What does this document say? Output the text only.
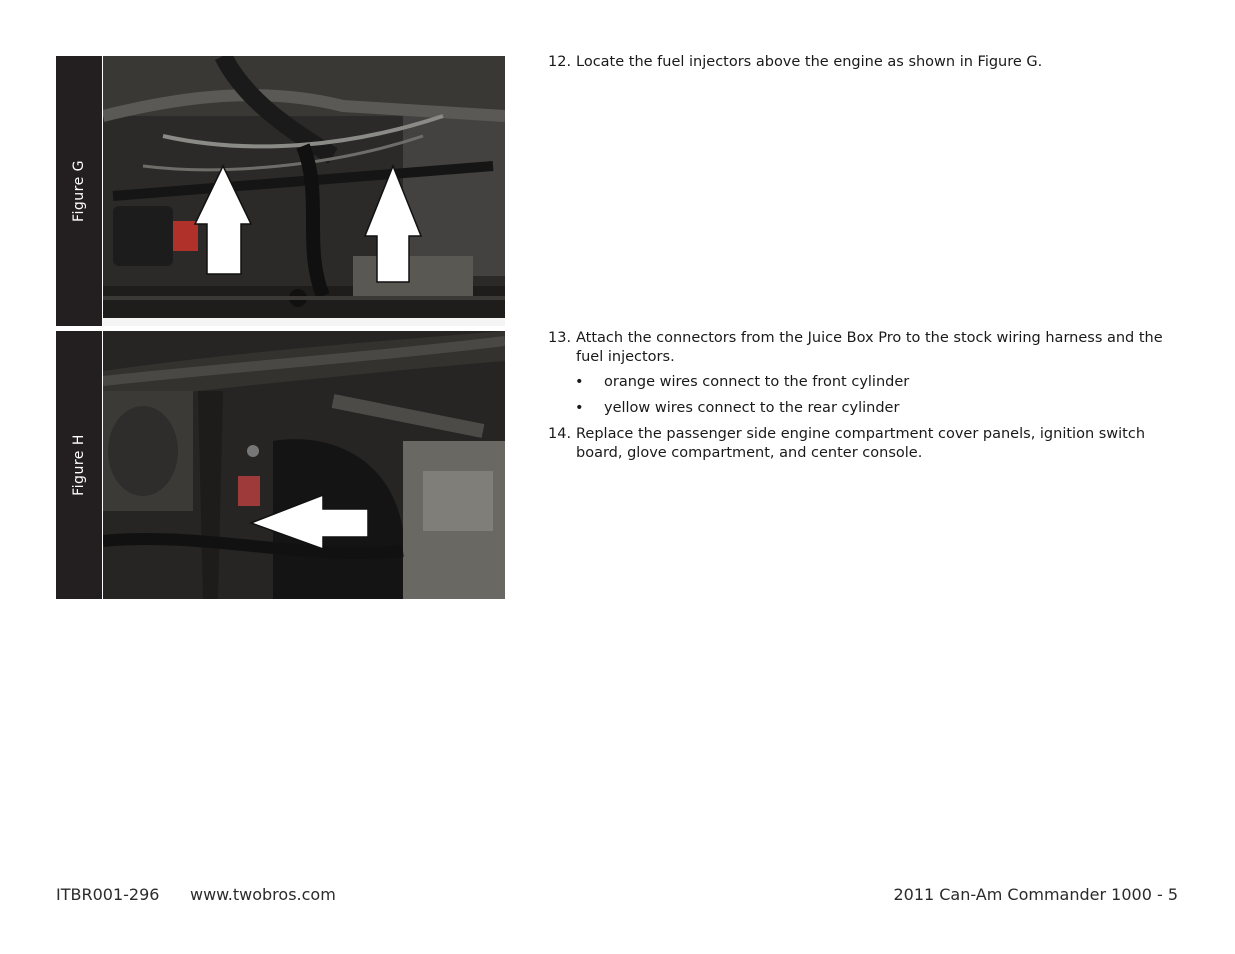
Figure G
Figure H
12. Locate the fuel injectors above the engine as shown in Figure G.
13. Attach the connectors from the Juice Box Pro to the stock wiring harness and the fuel injectors.
• orange wires connect to the front cylinder
• yellow wires connect to the rear cylinder
14. Replace the passenger side engine compartment cover panels, ignition switch board, glove compartment, and center console.
ITBR001-296 www.twobros.com	2011 Can-Am Commander 1000 - 5
